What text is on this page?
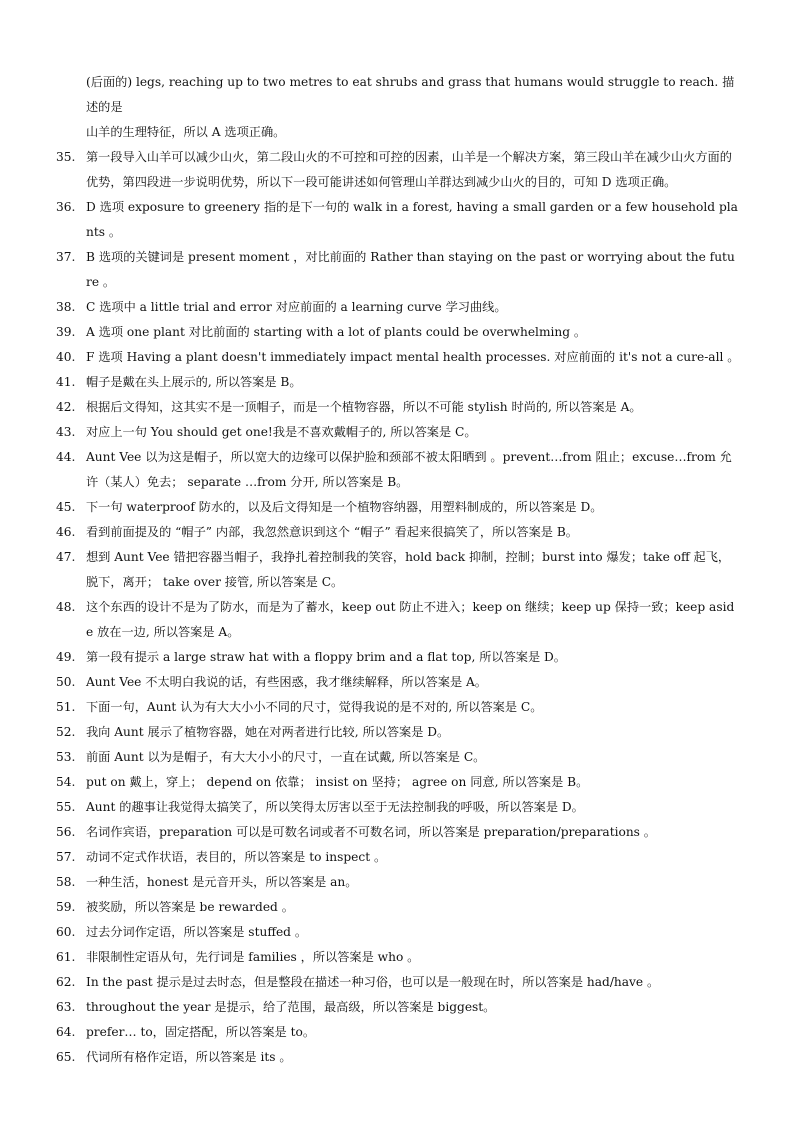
(后面的) legs, reaching up to two metres to eat shrubs and grass that humans would struggle to reach. 描述的是
山羊的生理特征，所以 A 选项正确。
35. 第一段导入山羊可以减少山火，第二段山火的不可控和可控的因素，山羊是一个解决方案，第三段山羊在减少山火方面的优势，第四段进一步说明优势，所以下一段可能讲述如何管理山羊群达到减少山火的目的，可知 D 选项正确。
36. D 选项 exposure to greenery 指的是下一句的 walk in a forest, having a small garden or a few household plants 。
37. B 选项的关键词是 present moment ，对比前面的 Rather than staying on the past or worrying about the future 。
38. C 选项中 a little trial and error 对应前面的 a learning curve 学习曲线。
39. A 选项 one plant 对比前面的 starting with a lot of plants could be overwhelming 。
40. F 选项 Having a plant doesn't immediately impact mental health processes. 对应前面的 it's not a cure-all 。
41. 帽子是戴在头上展示的, 所以答案是 B。
42. 根据后文得知，这其实不是一顶帽子，而是一个植物容器，所以不可能 stylish 时尚的, 所以答案是 A。
43. 对应上一句 You should get one!我是不喜欢戴帽子的, 所以答案是 C。
44. Aunt Vee 以为这是帽子，所以宽大的边缘可以保护脸和颈部不被太阳晒到 。prevent…from 阻止；excuse…from 允许（某人）免去； separate …from 分开, 所以答案是 B。
45. 下一句 waterproof 防水的，以及后文得知是一个植物容纳器，用塑料制成的，所以答案是 D。
46. 看到前面提及的 “帽子” 内部，我忽然意识到这个 “帽子” 看起来很搞笑了，所以答案是 B。
47. 想到 Aunt Vee 错把容器当帽子，我挣扎着控制我的笑容，hold back 抑制，控制；burst into 爆发；take off 起飞，脱下，离开； take over 接管, 所以答案是 C。
48. 这个东西的设计不是为了防水，而是为了蓄水，keep out 防止不进入；keep on 继续；keep up 保持一致；keep aside 放在一边, 所以答案是 A。
49. 第一段有提示 a large straw hat with a floppy brim and a flat top, 所以答案是 D。
50. Aunt Vee 不太明白我说的话，有些困惑，我才继续解释，所以答案是 A。
51. 下面一句，Aunt 认为有大大小小不同的尺寸，觉得我说的是不对的, 所以答案是 C。
52. 我向 Aunt 展示了植物容器，她在对两者进行比较, 所以答案是 D。
53. 前面 Aunt 以为是帽子，有大大小小的尺寸，一直在试戴, 所以答案是 C。
54. put on 戴上，穿上； depend on 依靠； insist on 坚持； agree on 同意, 所以答案是 B。
55. Aunt 的趣事让我觉得太搞笑了，所以笑得太厉害以至于无法控制我的呼吸，所以答案是 D。
56. 名词作宾语，preparation 可以是可数名词或者不可数名词，所以答案是 preparation/preparations 。
57. 动词不定式作状语，表目的，所以答案是 to inspect 。
58. 一种生活，honest 是元音开头，所以答案是 an。
59. 被奖励，所以答案是 be rewarded 。
60. 过去分词作定语，所以答案是 stuffed 。
61. 非限制性定语从句，先行词是 families ，所以答案是 who 。
62. In the past 提示是过去时态，但是整段在描述一种习俗，也可以是一般现在时，所以答案是 had/have 。
63. throughout the year 是提示，给了范围，最高级，所以答案是 biggest。
64. prefer… to，固定搭配，所以答案是 to。
65. 代词所有格作定语，所以答案是 its 。
